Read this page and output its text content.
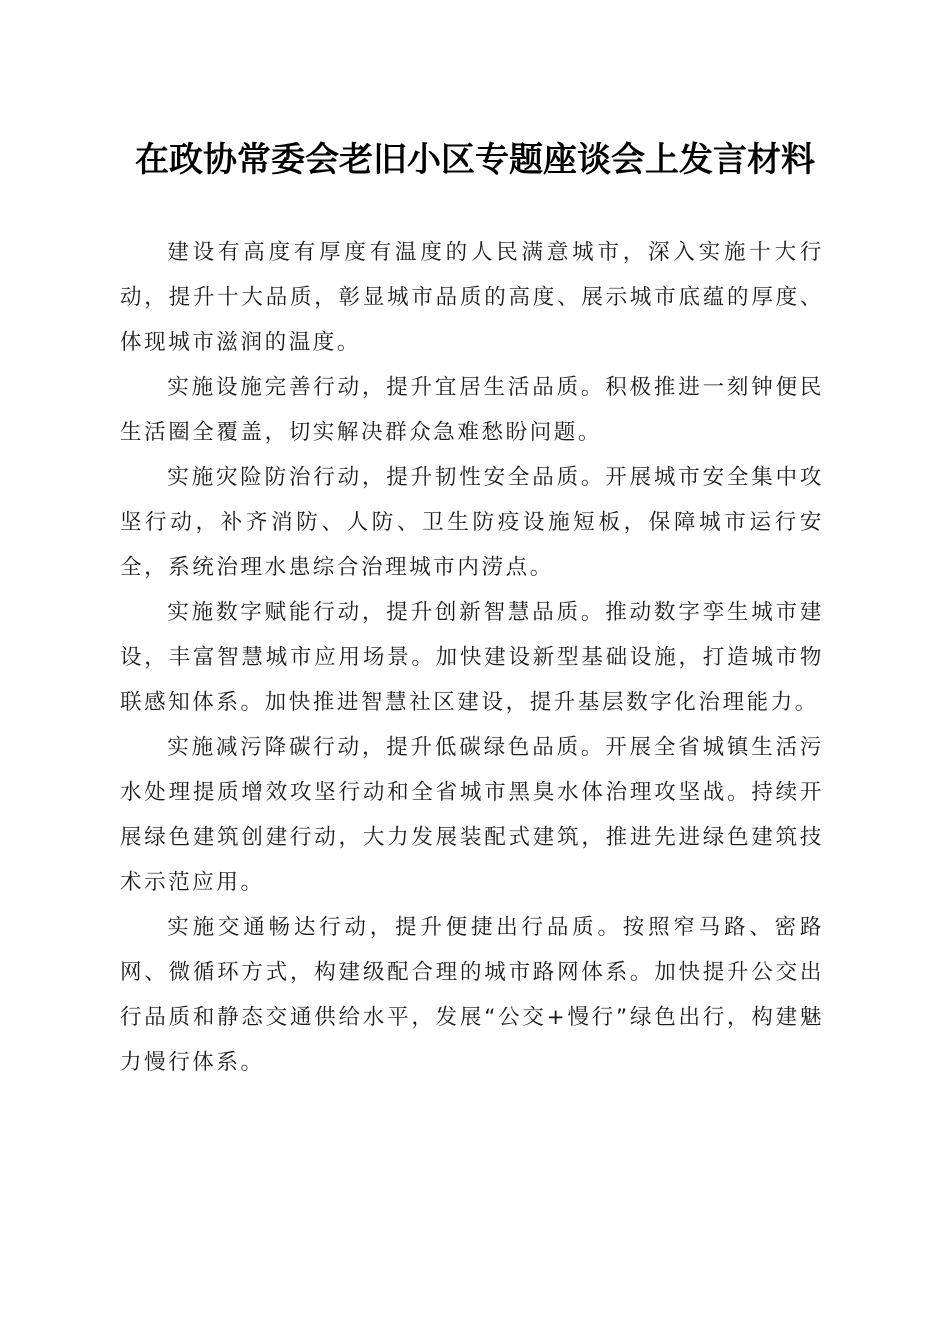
在政协常委会老旧小区专题座谈会上发言材料

建设有高度有厚度有温度的人民满意城市，深入实施十大行动，提升十大品质，彰显城市品质的高度、展示城市底蕴的厚度、体现城市滋润的温度。

实施设施完善行动，提升宜居生活品质。积极推进一刻钟便民生活圈全覆盖，切实解决群众急难愁盼问题。

实施灾险防治行动，提升韧性安全品质。开展城市安全集中攻坚行动，补齐消防、人防、卫生防疫设施短板，保障城市运行安全，系统治理水患综合治理城市内涝点。

实施数字赋能行动，提升创新智慧品质。推动数字孪生城市建设，丰富智慧城市应用场景。加快建设新型基础设施，打造城市物联感知体系。加快推进智慧社区建设，提升基层数字化治理能力。

实施减污降碳行动，提升低碳绿色品质。开展全省城镇生活污水处理提质增效攻坚行动和全省城市黑臭水体治理攻坚战。持续开展绿色建筑创建行动，大力发展装配式建筑，推进先进绿色建筑技术示范应用。

实施交通畅达行动，提升便捷出行品质。按照窄马路、密路网、微循环方式，构建级配合理的城市路网体系。加快提升公交出行品质和静态交通供给水平，发展“公交+慢行”绿色出行，构建魅力慢行体系。
